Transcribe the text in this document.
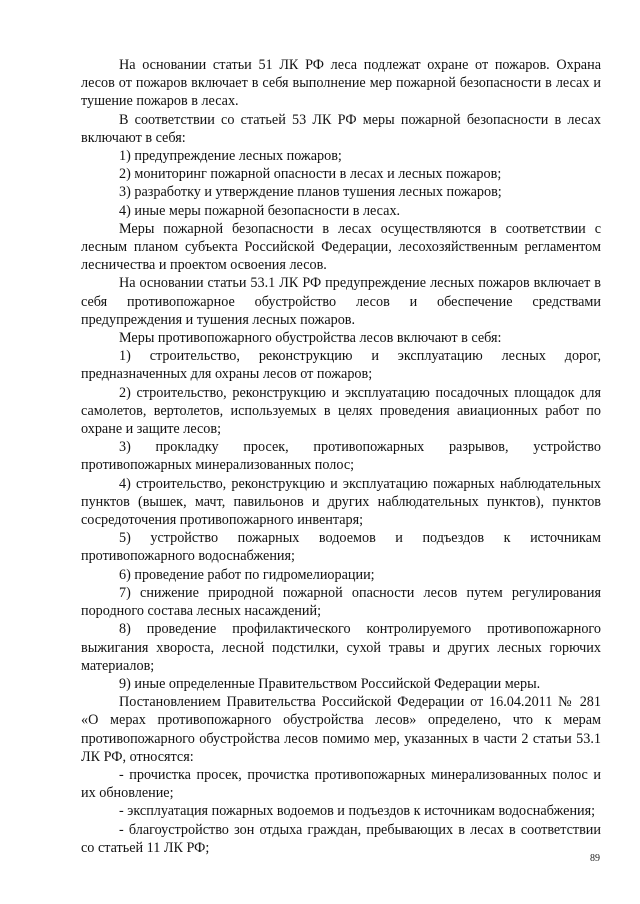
На основании статьи 51 ЛК РФ леса подлежат охране от пожаров. Охрана лесов от пожаров включает в себя выполнение мер пожарной безопасности в лесах и тушение пожаров в лесах.

В соответствии со статьей 53 ЛК РФ меры пожарной безопасности в лесах включают в себя:

1) предупреждение лесных пожаров;

2) мониторинг пожарной опасности в лесах и лесных пожаров;

3) разработку и утверждение планов тушения лесных пожаров;

4) иные меры пожарной безопасности в лесах.

Меры пожарной безопасности в лесах осуществляются в соответствии с лесным планом субъекта Российской Федерации, лесохозяйственным регламентом лесничества и проектом освоения лесов.

На основании статьи 53.1 ЛК РФ предупреждение лесных пожаров включает в себя противопожарное обустройство лесов и обеспечение средствами предупреждения и тушения лесных пожаров.

Меры противопожарного обустройства лесов включают в себя:

1) строительство, реконструкцию и эксплуатацию лесных дорог, предназначенных для охраны лесов от пожаров;

2) строительство, реконструкцию и эксплуатацию посадочных площадок для самолетов, вертолетов, используемых в целях проведения авиационных работ по охране и защите лесов;

3) прокладку просек, противопожарных разрывов, устройство противопожарных минерализованных полос;

4) строительство, реконструкцию и эксплуатацию пожарных наблюдательных пунктов (вышек, мачт, павильонов и других наблюдательных пунктов), пунктов сосредоточения противопожарного инвентаря;

5) устройство пожарных водоемов и подъездов к источникам противопожарного водоснабжения;

6) проведение работ по гидромелиорации;

7) снижение природной пожарной опасности лесов путем регулирования породного состава лесных насаждений;

8) проведение профилактического контролируемого противопожарного выжигания хвороста, лесной подстилки, сухой травы и других лесных горючих материалов;

9) иные определенные Правительством Российской Федерации меры.

Постановлением Правительства Российской Федерации от 16.04.2011 № 281 «О мерах противопожарного обустройства лесов» определено, что к мерам противопожарного обустройства лесов помимо мер, указанных в части 2 статьи 53.1 ЛК РФ, относятся:

- прочистка просек, прочистка противопожарных минерализованных полос и их обновление;

- эксплуатация пожарных водоемов и подъездов к источникам водоснабжения;

- благоустройство зон отдыха граждан, пребывающих в лесах в соответствии со статьей 11 ЛК РФ;

89
